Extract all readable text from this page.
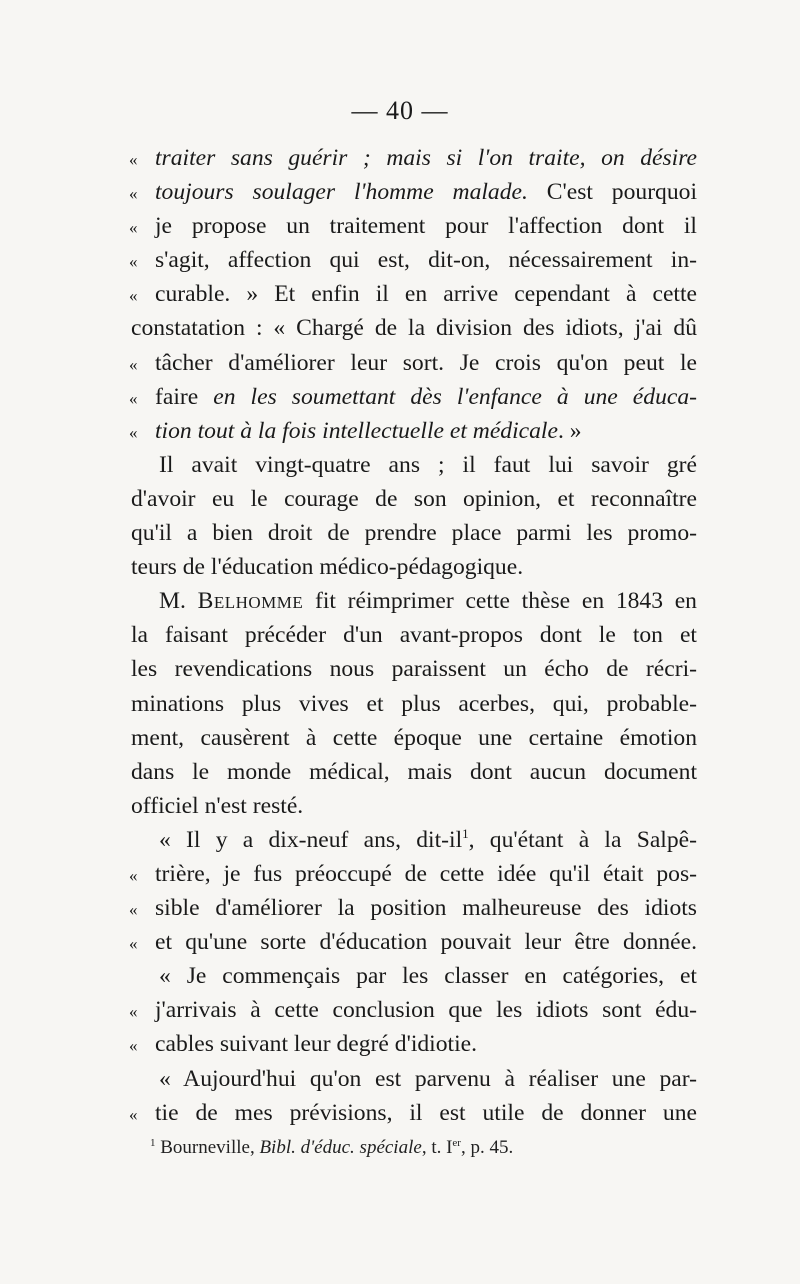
— 40 —
« traiter sans guérir ; mais si l'on traite, on désire
« toujours soulager l'homme malade. C'est pourquoi
« je propose un traitement pour l'affection dont il
« s'agit, affection qui est, dit-on, nécessairement in-
« curable. » Et enfin il en arrive cependant à cette
constatation : « Chargé de la division des idiots, j'ai dû
« tâcher d'améliorer leur sort. Je crois qu'on peut le
« faire en les soumettant dès l'enfance à une éduca-
« tion tout à la fois intellectuelle et médicale. »
Il avait vingt-quatre ans ; il faut lui savoir gré
d'avoir eu le courage de son opinion, et reconnaître
qu'il a bien droit de prendre place parmi les promo-
teurs de l'éducation médico-pédagogique.
M. Belhomme fit réimprimer cette thèse en 1843 en
la faisant précéder d'un avant-propos dont le ton et
les revendications nous paraissent un écho de récri-
minations plus vives et plus acerbes, qui, probable-
ment, causèrent à cette époque une certaine émotion
dans le monde médical, mais dont aucun document
officiel n'est resté.
« Il y a dix-neuf ans, dit-$il^1$, qu'étant à la Salpê-
« trière, je fus préoccupé de cette idée qu'il était pos-
« sible d'améliorer la position malheureuse des idiots
« et qu'une sorte d'éducation pouvait leur être donnée.
« Je commençais par les classer en catégories, et
« j'arrivais à cette conclusion que les idiots sont édu-
« cables suivant leur degré d'idiotie.
« Aujourd'hui qu'on est parvenu à réaliser une par-
« tie de mes prévisions, il est utile de donner une
$^1$ Bourneville, Bibl. d'éduc. spéciale, t. Ier, p. 45.
